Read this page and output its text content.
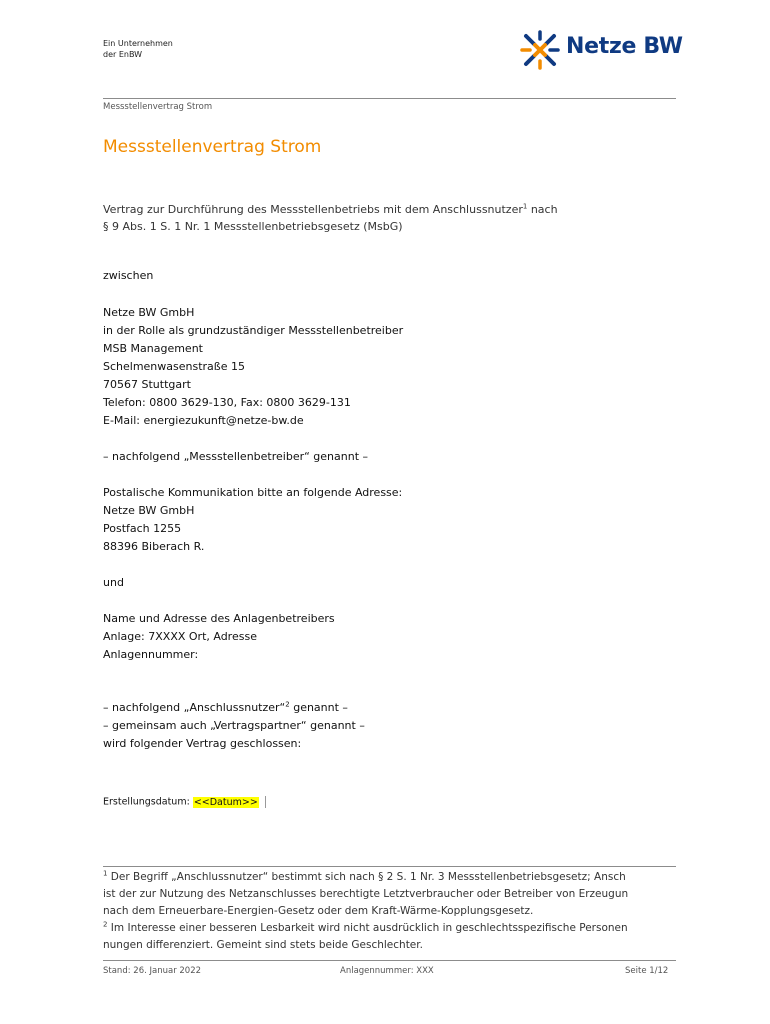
Ein Unternehmen
der EnBW	Netze BW
Messstellenvertrag Strom
Messstellenvertrag Strom
Vertrag zur Durchführung des Messstellenbetriebs mit dem Anschlussnutzer$^1$ nach
§ 9 Abs. 1 S. 1 Nr. 1 Messstellenbetriebsgesetz (MsbG)
zwischen
Netze BW GmbH
in der Rolle als grundzuständiger Messstellenbetreiber
MSB Management
Schelmenwasenstraße 15
70567 Stuttgart
Telefon: 0800 3629-130, Fax: 0800 3629-131
E-Mail: energiezukunft@netze-bw.de
– nachfolgend „Messstellenbetreiber“ genannt –
Postalische Kommunikation bitte an folgende Adresse:
Netze BW GmbH
Postfach 1255
88396 Biberach R.
und
Name und Adresse des Anlagenbetreibers
Anlage: 7XXXX Ort, Adresse
Anlagennummer:
– nachfolgend „Anschlussnutzer“$^2$ genannt –
– gemeinsam auch „Vertragspartner“ genannt –
wird folgender Vertrag geschlossen:
Erstellungsdatum: <<Datum>>
$^1$ Der Begriff „Anschlussnutzer“ bestimmt sich nach § 2 S. 1 Nr. 3 Messstellenbetriebsgesetz; Ansch
ist der zur Nutzung des Netzanschlusses berechtigte Letztverbraucher oder Betreiber von Erzeugun
nach dem Erneuerbare-Energien-Gesetz oder dem Kraft-Wärme-Kopplungsgesetz.
$^2$ Im Interesse einer besseren Lesbarkeit wird nicht ausdrücklich in geschlechtsspezifische Personen
nungen differenziert. Gemeint sind stets beide Geschlechter.
Stand: 26. Januar 2022	Anlagennummer: XXX	Seite 1/12
